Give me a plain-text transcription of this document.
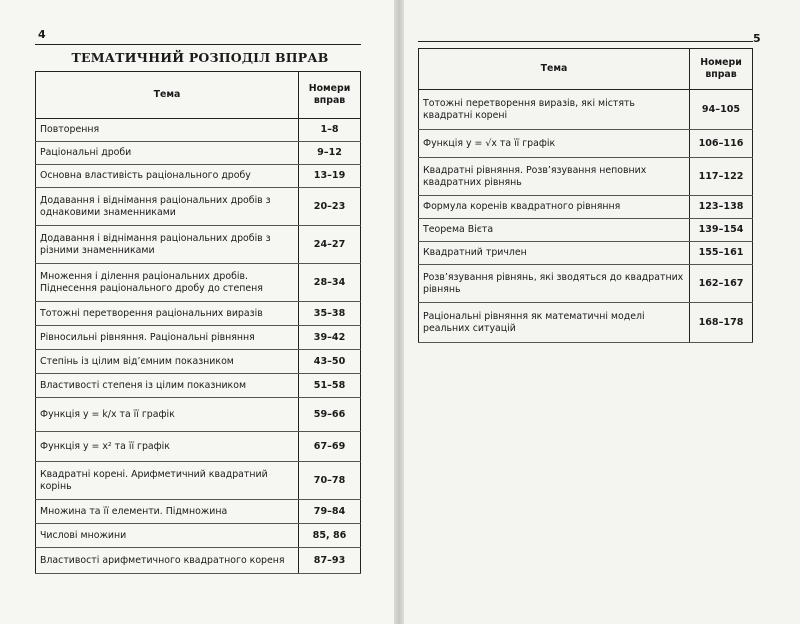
4
ТЕМАТИЧНИЙ РОЗПОДІЛ ВПРАВ
Тема	Номери вправ
Повторення	1–8
Раціональні дроби	9–12
Основна властивість раціонального дробу	13–19
Додавання і віднімання раціональних дробів з однаковими знаменниками	20–23
Додавання і віднімання раціональних дробів з різними знаменниками	24–27
Множення і ділення раціональних дробів. Піднесення раціонального дробу до степеня	28–34
Тотожні перетворення раціональних виразів	35–38
Рівносильні рівняння. Раціональні рівняння	39–42
Степінь із цілим від’ємним показником	43–50
Властивості степеня із цілим показником	51–58
Функція y = k/x та її графік	59–66
Функція y = x² та її графік	67–69
Квадратні корені. Арифметичний квадратний корінь	70–78
Множина та її елементи. Підмножина	79–84
Числові множини	85, 86
Властивості арифметичного квадратного кореня	87–93
5
Тема	Номери вправ
Тотожні перетворення виразів, які містять квадратні корені	94–105
Функція y = √x та її графік	106–116
Квадратні рівняння. Розв’язування неповних квадратних рівнянь	117–122
Формула коренів квадратного рівняння	123–138
Теорема Вієта	139–154
Квадратний тричлен	155–161
Розв’язування рівнянь, які зводяться до квадратних рівнянь	162–167
Раціональні рівняння як математичні моделі реальних ситуацій	168–178
